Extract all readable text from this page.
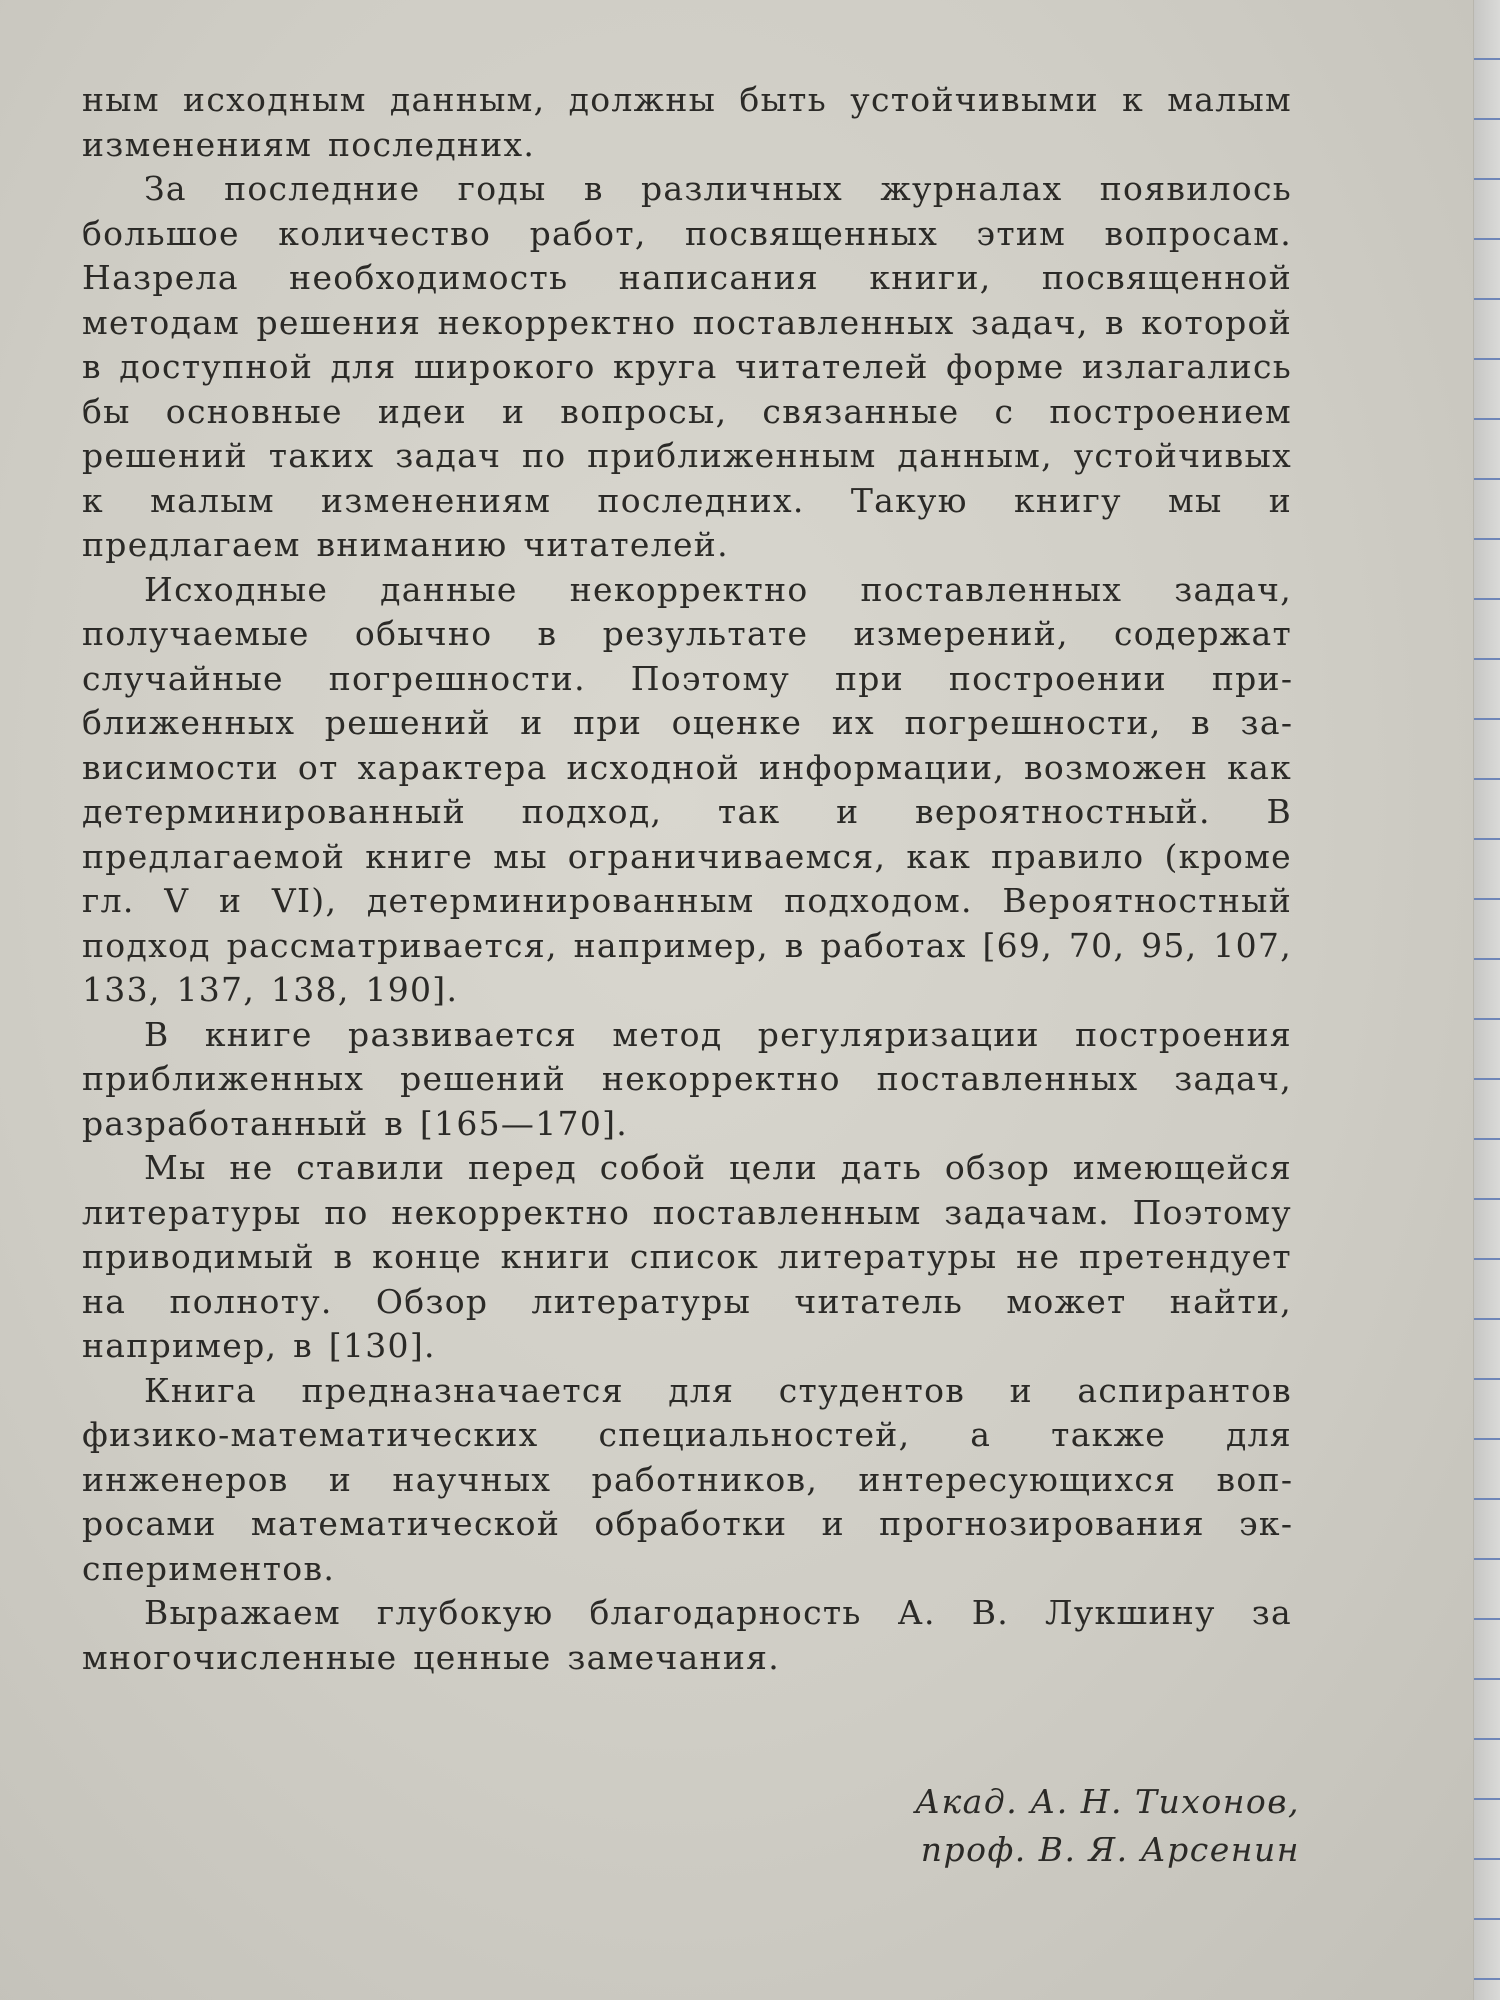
ным исходным данным, должны быть устойчивыми к малым изменениям последних.

За последние годы в различных журналах появилось большое количество работ, посвященных этим вопросам. Назрела необходимость написания книги, посвященной методам решения некорректно поставленных задач, в которой в доступной для широкого круга читателей форме излагались бы основные идеи и вопросы, связанные с построением решений таких задач по приближенным данным, устойчивых к малым изменениям последних. Такую книгу мы и предлагаем вниманию читателей.

Исходные данные некорректно поставленных задач, получаемые обычно в результате измерений, содержат случайные погрешности. Поэтому при построении приближенных решений и при оценке их погрешности, в зависимости от характера исходной информации, возможен как детерминированный подход, так и вероятностный. В предлагаемой книге мы ограничиваемся, как правило (кроме гл. V и VI), детерминированным подходом. Вероятностный подход рассматривается, например, в работах [69, 70, 95, 107, 133, 137, 138, 190].

В книге развивается метод регуляризации построения приближенных решений некорректно поставленных задач, разработанный в [165—170].

Мы не ставили перед собой цели дать обзор имеющейся литературы по некорректно поставленным задачам. Поэтому приводимый в конце книги список литературы не претендует на полноту. Обзор литературы читатель может найти, например, в [130].

Книга предназначается для студентов и аспирантов физико-математических специальностей, а также для инженеров и научных работников, интересующихся вопросами математической обработки и прогнозирования экспериментов.

Выражаем глубокую благодарность А. В. Лукшину за многочисленные ценные замечания.

Акад. А. Н. Тихонов,
проф. В. Я. Арсенин
